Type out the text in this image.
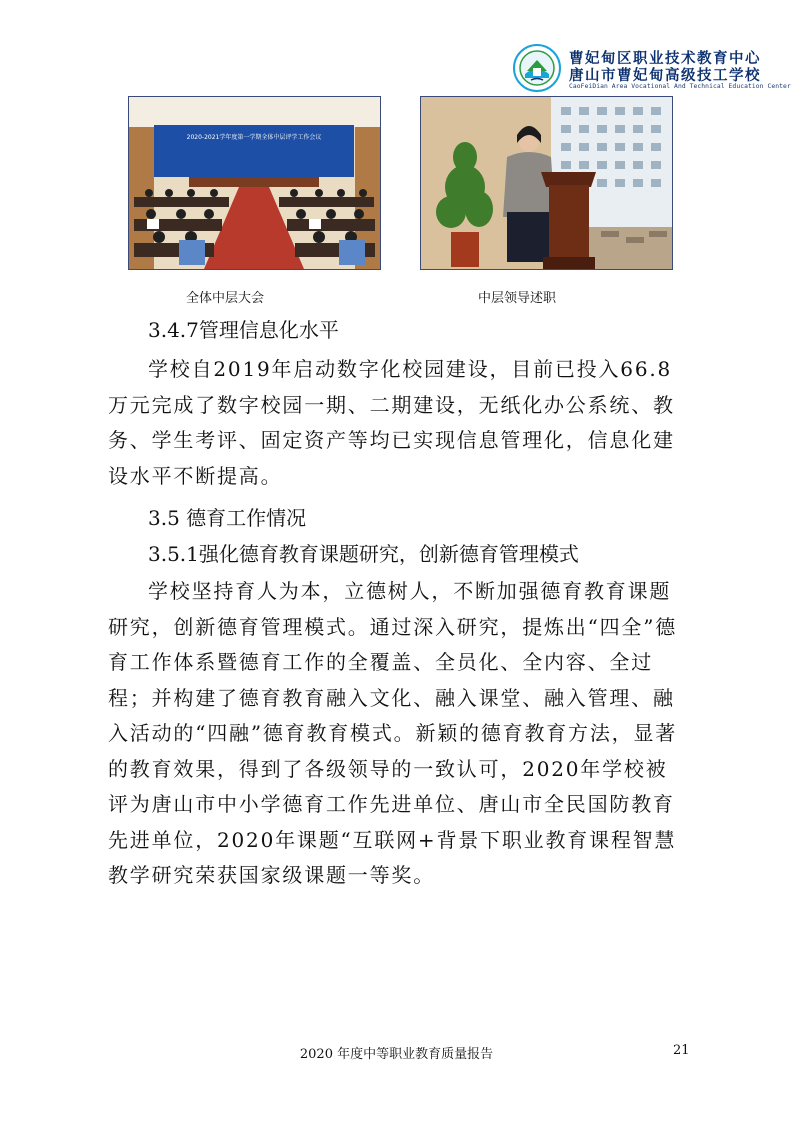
曹妃甸区职业技术教育中心
唐山市曹妃甸高级技工学校
CaoFeiDian Area Vocational And Technical Education Center
2020-2021学年度第一学期全体中层评学工作会议
全体中层大会	中层领导述职
3.4.7管理信息化水平
学校自2019年启动数字化校园建设，目前已投入66.8万元完成了数字校园一期、二期建设，无纸化办公系统、教务、学生考评、固定资产等均已实现信息管理化，信息化建设水平不断提高。
3.5 德育工作情况
3.5.1强化德育教育课题研究，创新德育管理模式
学校坚持育人为本，立德树人，不断加强德育教育课题研究，创新德育管理模式。通过深入研究，提炼出“四全”德育工作体系暨德育工作的全覆盖、全员化、全内容、全过程；并构建了德育教育融入文化、融入课堂、融入管理、融入活动的“四融”德育教育模式。新颖的德育教育方法，显著的教育效果，得到了各级领导的一致认可，2020年学校被评为唐山市中小学德育工作先进单位、唐山市全民国防教育先进单位，2020年课题“互联网+背景下职业教育课程智慧教学研究荣获国家级课题一等奖。
2020 年度中等职业教育质量报告	21
